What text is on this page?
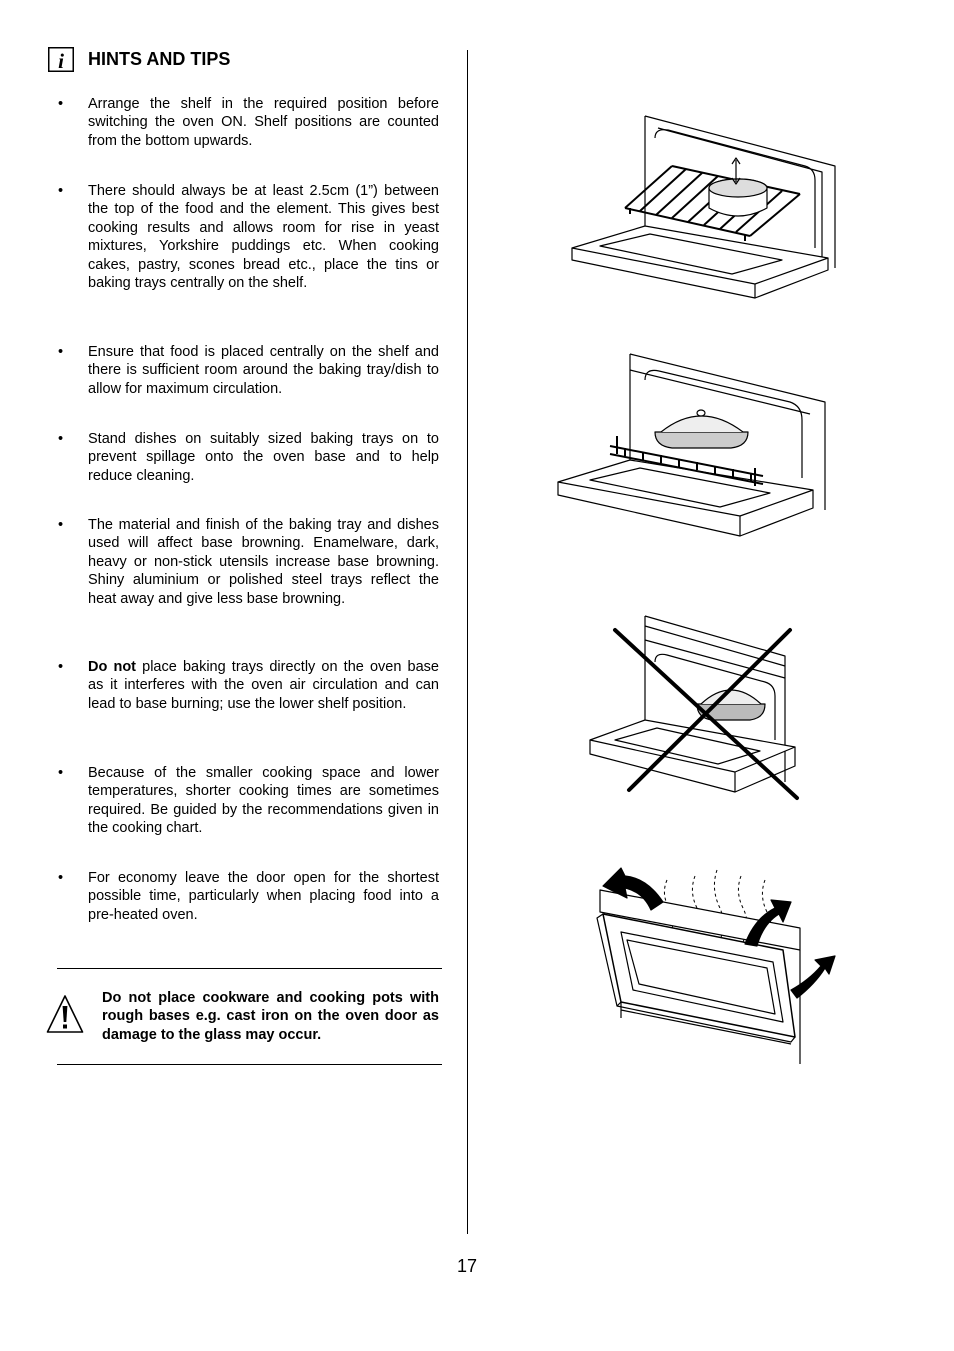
i HINTS AND TIPS
• Arrange the shelf in the required position before switching the oven ON. Shelf positions are counted from the bottom upwards.
• There should always be at least 2.5cm (1”) between the top of the food and the element. This gives best cooking results and allows room for rise in yeast mixtures, Yorkshire puddings etc. When cooking cakes, pastry, scones bread etc., place the tins or baking trays centrally on the shelf.
• Ensure that food is placed centrally on the shelf and there is sufficient room around the baking tray/dish to allow for maximum circulation.
• Stand dishes on suitably sized baking trays on to prevent spillage onto the oven base and to help reduce cleaning.
• The material and finish of the baking tray and dishes used will affect base browning. Enamelware, dark, heavy or non-stick utensils increase base browning. Shiny aluminium or polished steel trays reflect the heat away and give less base browning.
• Do not place baking trays directly on the oven base as it interferes with the oven air circulation and can lead to base burning; use the lower shelf position.
• Because of the smaller cooking space and lower temperatures, shorter cooking times are sometimes required. Be guided by the recommendations given in the cooking chart.
• For economy leave the door open for the shortest possible time, particularly when placing food into a pre-heated oven.
Do not place cookware and cooking pots with rough bases e.g. cast iron on the oven door as damage to the glass may occur.
17
